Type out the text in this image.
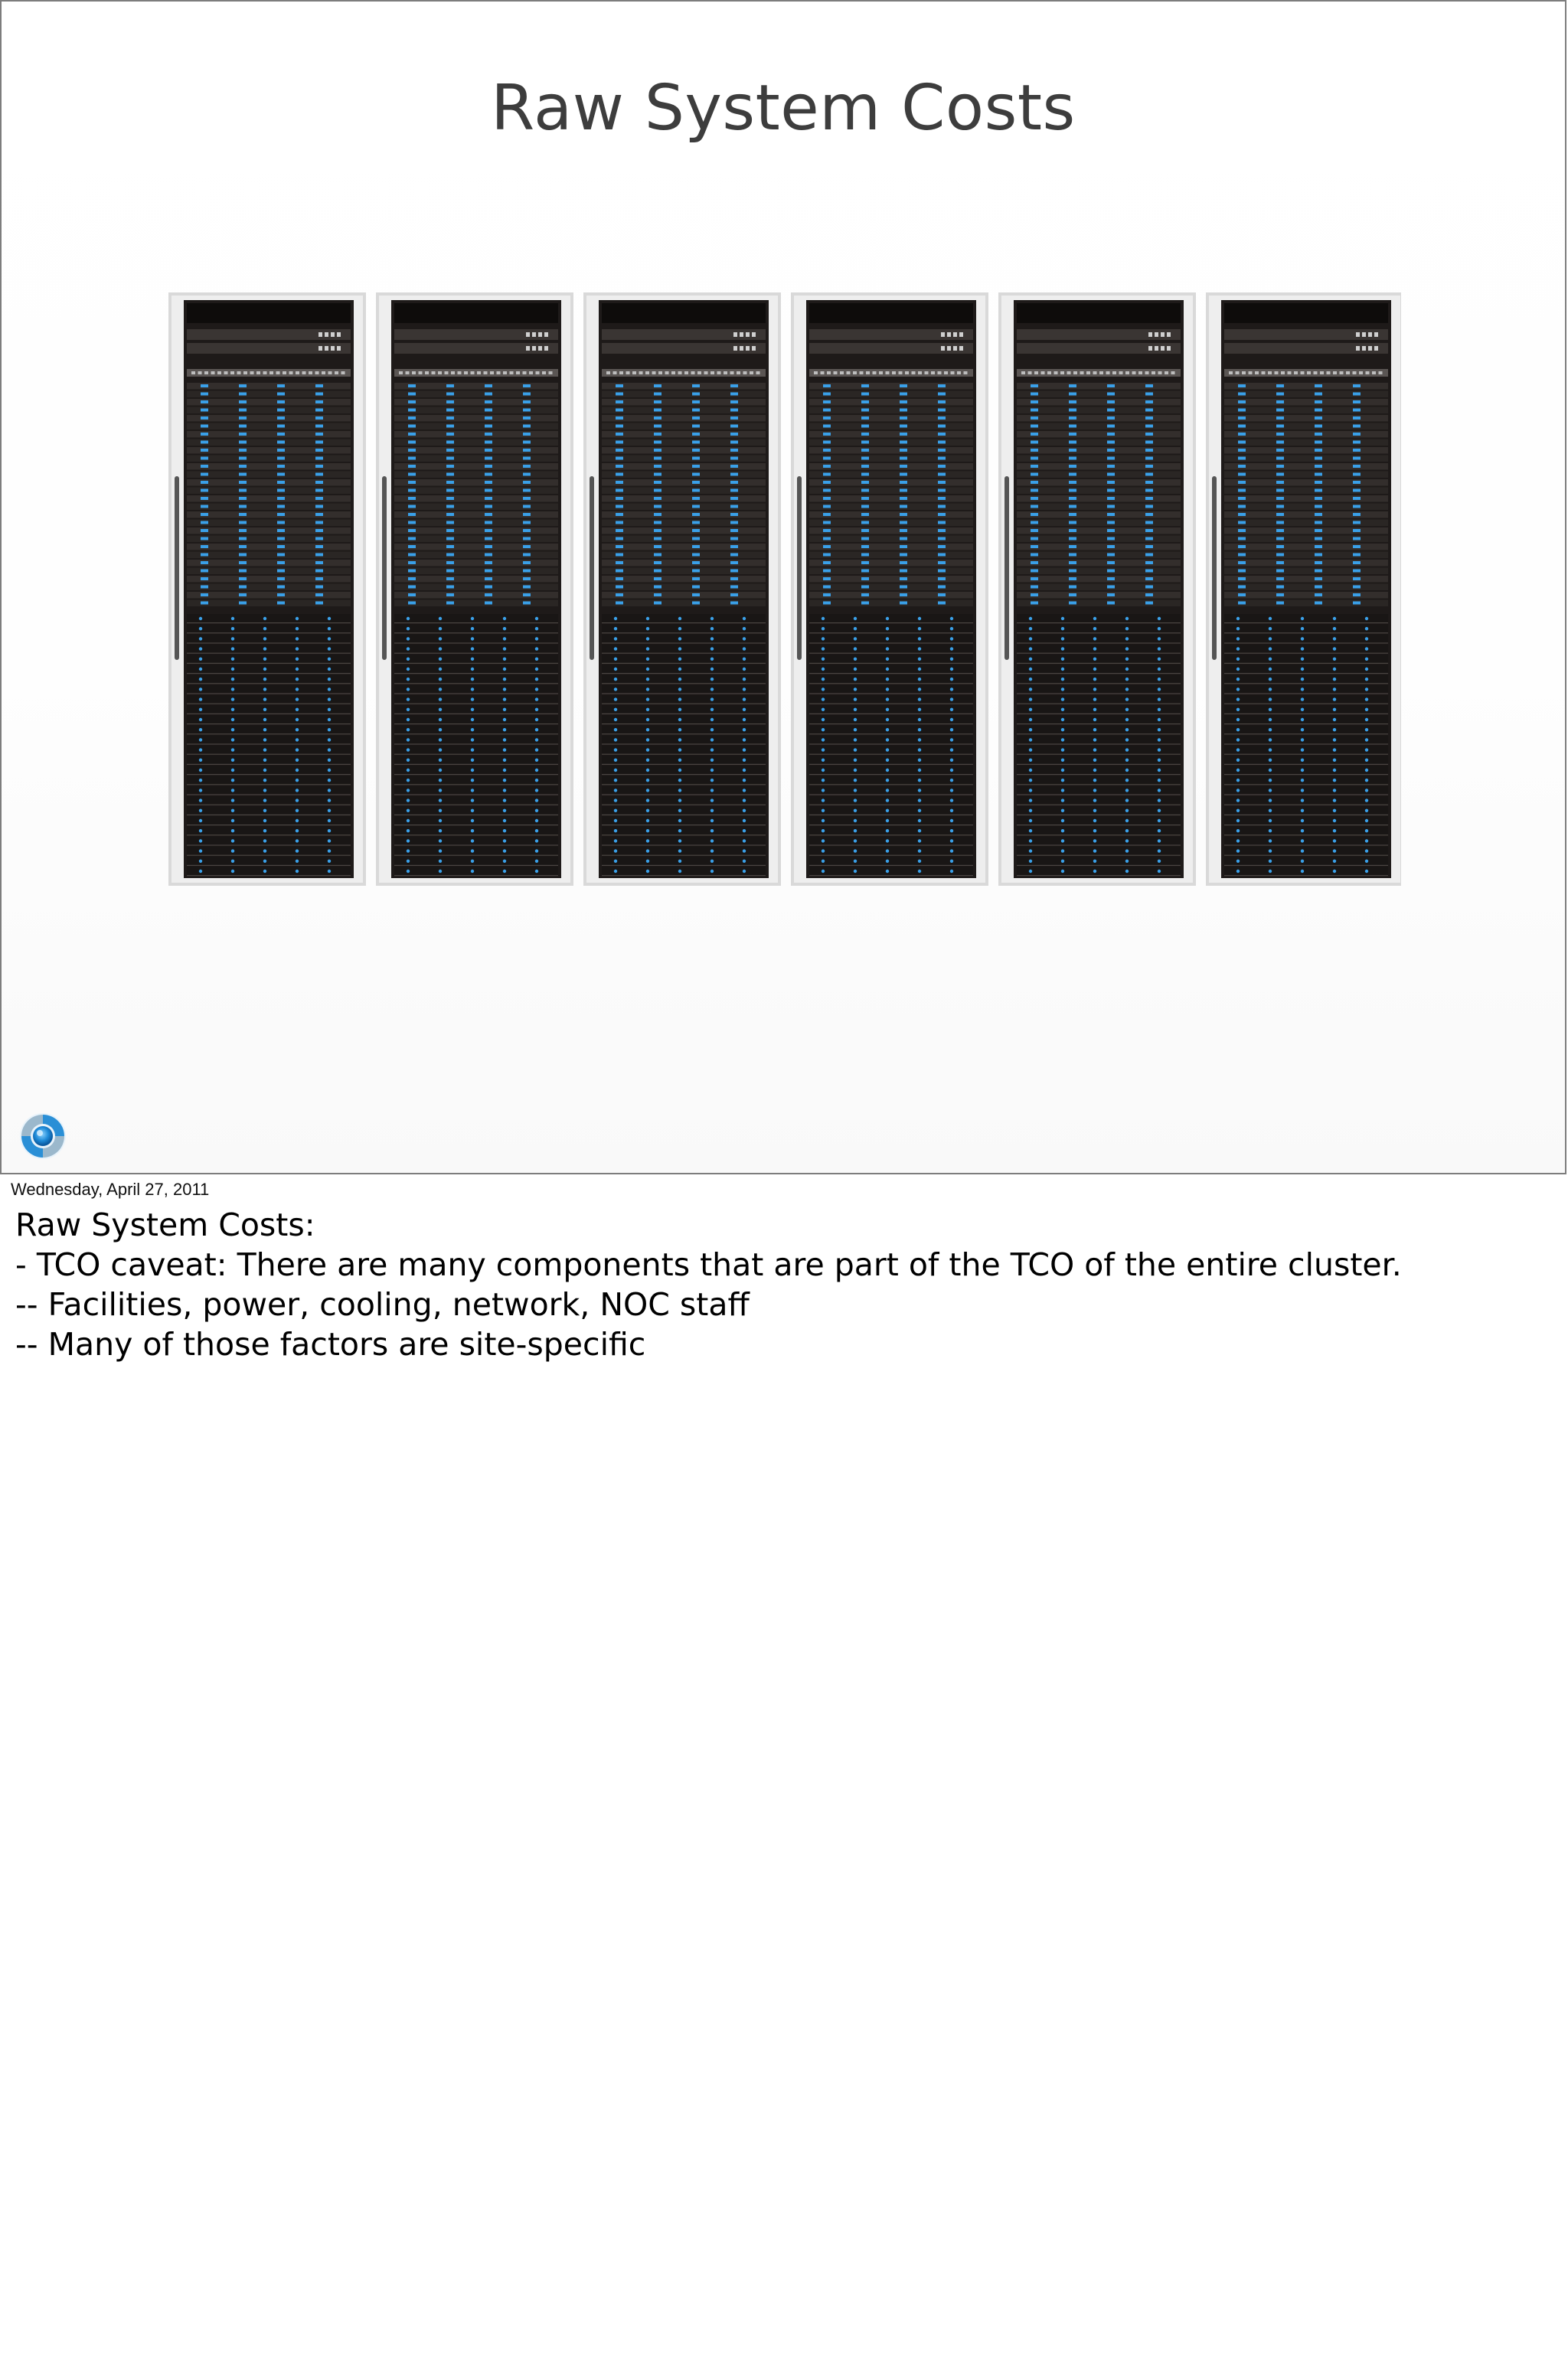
Raw System Costs
Wednesday, April 27, 2011
Raw System Costs:
- TCO caveat: There are many components that are part of the TCO of the entire cluster.
-- Facilities, power, cooling, network, NOC staff
-- Many of those factors are site-specific
